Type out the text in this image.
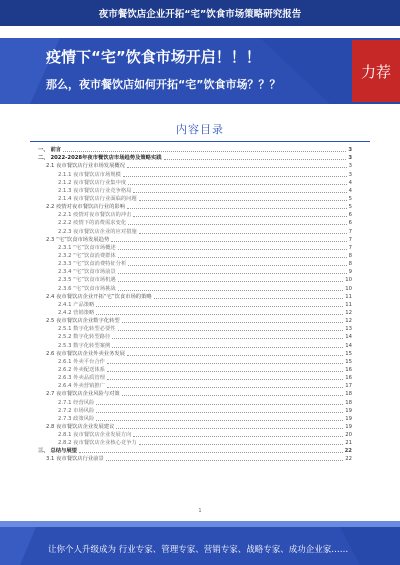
夜市餐饮店企业开拓“宅”饮食市场策略研究报告
疫情下“宅”饮食市场开启！！！
那么，夜市餐饮店如何开拓“宅”饮食市场？？？
力荐
内容目录
一、 前言	3
二、 2022-2028年夜市餐饮店市场趋势及策略实践	3
2.1 夜市餐饮店行业市场发展概况	3
2.1.1 夜市餐饮店市场规模	3
2.1.2 夜市餐饮店行业集中度	4
2.1.3 夜市餐饮店行业竞争格局	4
2.1.4 夜市餐饮店行业面临的问题	5
2.2 疫情对夜市餐饮店行业的影响	5
2.2.1 疫情对夜市餐饮店的冲击	6
2.2.2 疫情下的消费需求变化	6
2.2.3 夜市餐饮店企业的应对措施	7
2.3 “宅”饮食市场发展趋势	7
2.3.1 “宅”饮食市场概述	7
2.3.2 “宅”饮食消费群体	8
2.3.3 “宅”饮食消费特征分析	8
2.3.4 “宅”饮食市场前景	9
2.3.5 “宅”饮食市场机遇	10
2.3.6 “宅”饮食市场挑战	10
2.4 夜市餐饮店企业开拓“宅”饮食市场的策略	11
2.4.1 产品策略	11
2.4.2 营销策略	12
2.5 夜市餐饮店企业数字化转型	12
2.5.1 数字化转型必要性	13
2.5.2 数字化转型路径	14
2.5.3 数字化转型案例	14
2.6 夜市餐饮店企业外卖业务发展	15
2.6.1 外卖平台合作	15
2.6.2 外卖配送体系	16
2.6.3 外卖品质管理	16
2.6.4 外卖营销推广	17
2.7 夜市餐饮店企业风险与对策	18
2.7.1 经营风险	18
2.7.2 市场风险	19
2.7.3 政策风险	19
2.8 夜市餐饮店企业发展建议	19
2.8.1 夜市餐饮店企业发展方向	20
2.8.2 夜市餐饮店企业核心竞争力	21
三、 总结与展望	22
3.1 夜市餐饮店行业前景	22
1
让你个人升级成为 行业专家、管理专家、营销专家、战略专家、成功企业家……
